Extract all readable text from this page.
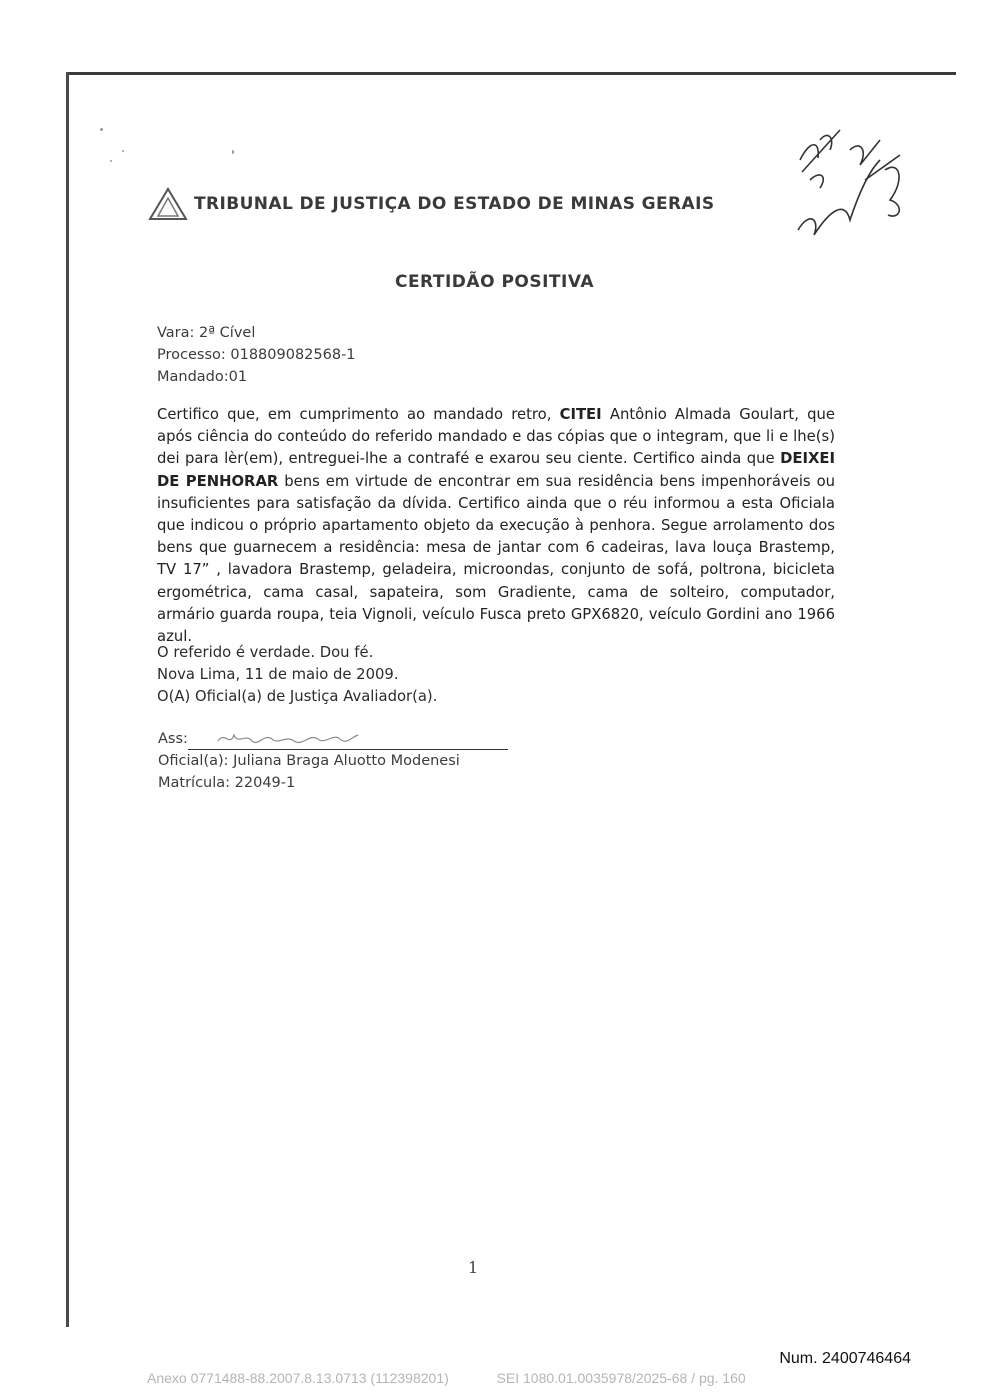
TRIBUNAL DE JUSTIÇA DO ESTADO DE MINAS GERAIS
CERTIDÃO POSITIVA
Vara: 2ª Cível
Processo: 018809082568-1
Mandado:01

Certifico que, em cumprimento ao mandado retro, CITEI Antônio Almada Goulart, que após ciência do conteúdo do referido mandado e das cópias que o integram, que li e lhe(s) dei para lèr(em), entreguei-lhe a contrafé e exarou seu ciente. Certifico ainda que DEIXEI DE PENHORAR bens em virtude de encontrar em sua residência bens impenhoráveis ou insuficientes para satisfação da dívida. Certifico ainda que o réu informou a esta Oficiala que indicou o próprio apartamento objeto da execução à penhora. Segue arrolamento dos bens que guarnecem a residência: mesa de jantar com 6 cadeiras, lava louça Brastemp, TV 17” , lavadora Brastemp, geladeira, microondas, conjunto de sofá, poltrona, bicicleta ergométrica, cama casal, sapateira, som Gradiente, cama de solteiro, computador, armário guarda roupa, teia Vignoli, veículo Fusca preto GPX6820, veículo Gordini ano 1966 azul.

O referido é verdade. Dou fé.
Nova Lima, 11 de maio de 2009.
O(A) Oficial(a) de Justiça Avaliador(a).
Ass:
Oficial(a): Juliana Braga Aluotto Modenesi
Matrícula: 22049-1
1
Num. 2400746464
Anexo 0771488-88.2007.8.13.0713 (112398201)	SEI 1080.01.0035978/2025-68 / pg. 160
